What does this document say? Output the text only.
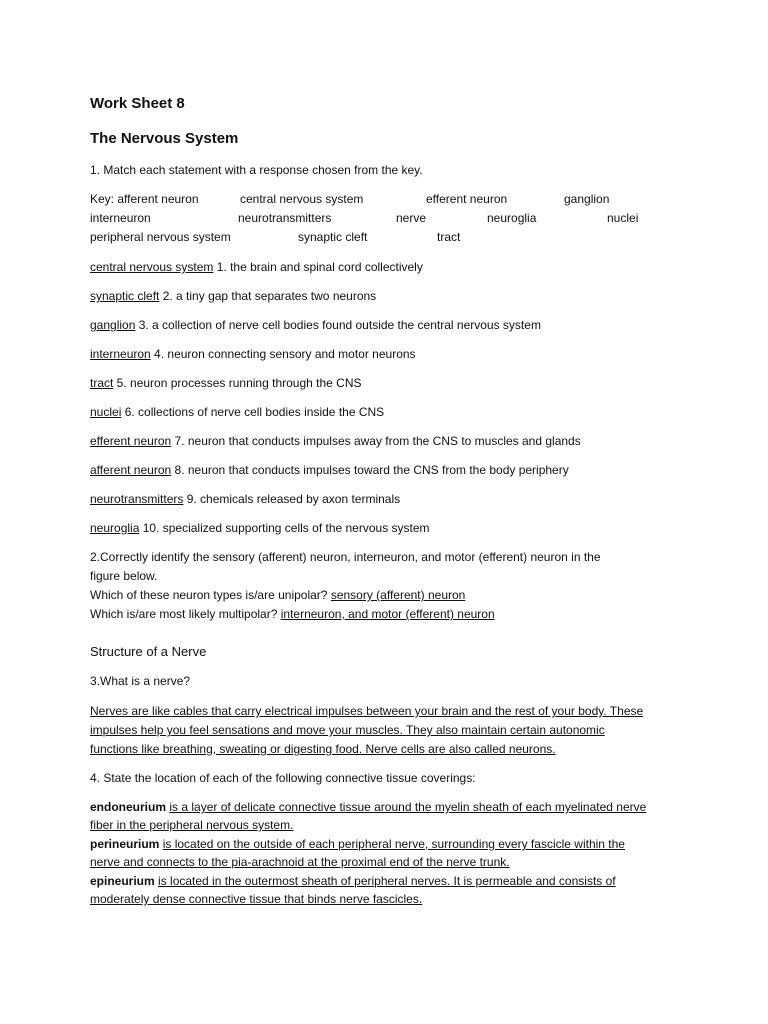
Work Sheet 8
The Nervous System
1. Match each statement with a response chosen from the key.
Key: afferent neuron	central nervous system	efferent neuron	ganglion
interneuron	neurotransmitters	nerve	neuroglia	nuclei
peripheral nervous system	synaptic cleft	tract
central nervous system 1. the brain and spinal cord collectively
synaptic cleft 2. a tiny gap that separates two neurons
ganglion 3. a collection of nerve cell bodies found outside the central nervous system
interneuron 4. neuron connecting sensory and motor neurons
tract 5. neuron processes running through the CNS
nuclei 6. collections of nerve cell bodies inside the CNS
efferent neuron 7. neuron that conducts impulses away from the CNS to muscles and glands
afferent neuron 8. neuron that conducts impulses toward the CNS from the body periphery
neurotransmitters 9. chemicals released by axon terminals
neuroglia 10. specialized supporting cells of the nervous system
2.Correctly identify the sensory (afferent) neuron, interneuron, and motor (efferent) neuron in the
figure below.
Which of these neuron types is/are unipolar? sensory (afferent) neuron
Which is/are most likely multipolar? interneuron, and motor (efferent) neuron
Structure of a Nerve
3.What is a nerve?
Nerves are like cables that carry electrical impulses between your brain and the rest of your body. These
impulses help you feel sensations and move your muscles. They also maintain certain autonomic
functions like breathing, sweating or digesting food. Nerve cells are also called neurons.
4. State the location of each of the following connective tissue coverings:
endoneurium is a layer of delicate connective tissue around the myelin sheath of each myelinated nerve
fiber in the peripheral nervous system.
perineurium is located on the outside of each peripheral nerve, surrounding every fascicle within the
nerve and connects to the pia-arachnoid at the proximal end of the nerve trunk.
epineurium is located in the outermost sheath of peripheral nerves. It is permeable and consists of
moderately dense connective tissue that binds nerve fascicles.
